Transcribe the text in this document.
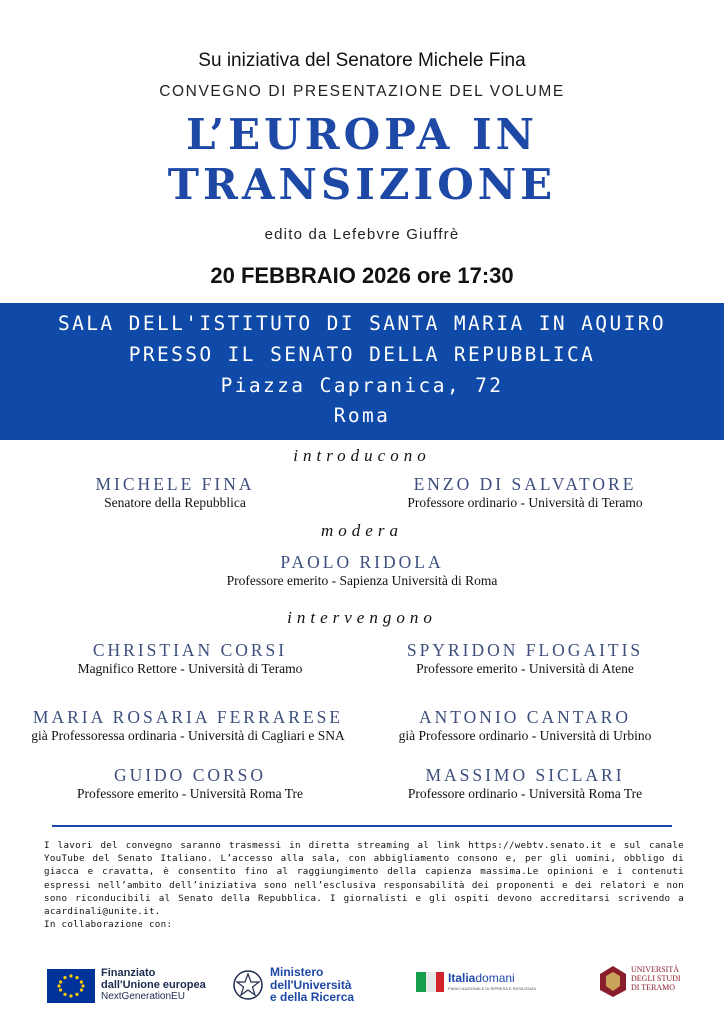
Su iniziativa del Senatore Michele Fina
CONVEGNO DI PRESENTAZIONE DEL VOLUME
L’EUROPA IN
TRANSIZIONE
edito da Lefebvre Giuffrè
20 FEBBRAIO 2026 ore 17:30
SALA DELL'ISTITUTO DI SANTA MARIA IN AQUIRO
PRESSO IL SENATO DELLA REPUBBLICA
Piazza Capranica, 72
Roma
introducono
MICHELE FINA
Senatore della Repubblica
ENZO DI SALVATORE
Professore ordinario - Università di Teramo
modera
PAOLO RIDOLA
Professore emerito - Sapienza Università di Roma
intervengono
CHRISTIAN CORSI
Magnifico Rettore - Università di Teramo
SPYRIDON FLOGAITIS
Professore emerito - Università di Atene
MARIA ROSARIA FERRARESE
già Professoressa ordinaria - Università di Cagliari e SNA
ANTONIO CANTARO
già Professore ordinario - Università di Urbino
GUIDO CORSO
Professore emerito - Università Roma Tre
MASSIMO SICLARI
Professore ordinario - Università Roma Tre

I lavori del convegno saranno trasmessi in diretta streaming al link https://webtv.senato.it e sul canale YouTube del Senato Italiano. L’accesso alla sala, con abbigliamento consono e, per gli uomini, obbligo di giacca e cravatta, è consentito fino al raggiungimento della capienza massima.Le opinioni e i contenuti espressi nell’ambito dell’iniziativa sono nell’esclusiva responsabilità dei proponenti e dei relatori e non sono riconducibili al Senato della Repubblica. I giornalisti e gli ospiti devono accreditarsi scrivendo a acardinali@unite.it.

In collaborazione con:

Finanziato
dall'Unione europea
NextGenerationEU
Ministero
dell'Università
e della Ricerca
Italiadomani
PIANO NAZIONALE DI RIPRESA E RESILIENZA
UNIVERSITÀ
DEGLI STUDI
DI TERAMO
